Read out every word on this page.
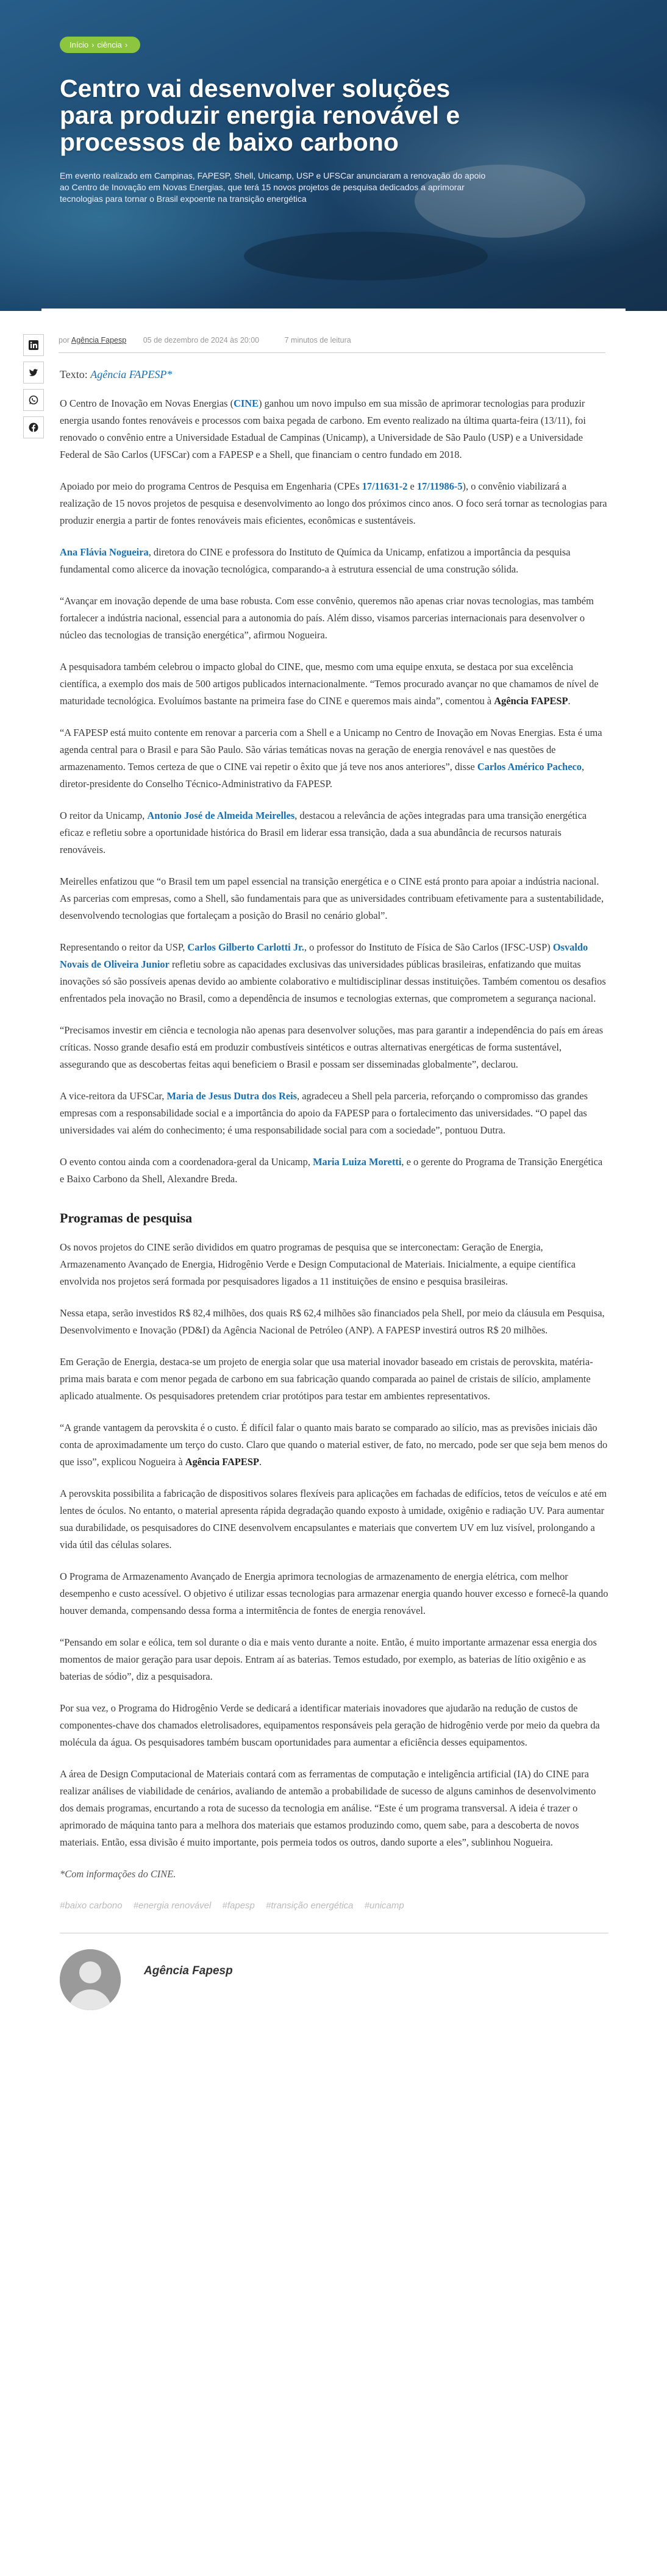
Início › ciência ›
Centro vai desenvolver soluções para produzir energia renovável e processos de baixo carbono
Em evento realizado em Campinas, FAPESP, Shell, Unicamp, USP e UFSCar anunciaram a renovação do apoio ao Centro de Inovação em Novas Energias, que terá 15 novos projetos de pesquisa dedicados a aprimorar tecnologias para tornar o Brasil expoente na transição energética
por Agência Fapesp 05 de dezembro de 2024 às 20:00	7 minutos de leitura

Texto: Agência FAPESP*

O Centro de Inovação em Novas Energias (CINE) ganhou um novo impulso em sua missão de aprimorar tecnologias para produzir energia usando fontes renováveis e processos com baixa pegada de carbono. Em evento realizado na última quarta-feira (13/11), foi renovado o convênio entre a Universidade Estadual de Campinas (Unicamp), a Universidade de São Paulo (USP) e a Universidade Federal de São Carlos (UFSCar) com a FAPESP e a Shell, que financiam o centro fundado em 2018.

Apoiado por meio do programa Centros de Pesquisa em Engenharia (CPEs 17/11631-2 e 17/11986-5), o convênio viabilizará a realização de 15 novos projetos de pesquisa e desenvolvimento ao longo dos próximos cinco anos. O foco será tornar as tecnologias para produzir energia a partir de fontes renováveis mais eficientes, econômicas e sustentáveis.

Ana Flávia Nogueira, diretora do CINE e professora do Instituto de Química da Unicamp, enfatizou a importância da pesquisa fundamental como alicerce da inovação tecnológica, comparando-a à estrutura essencial de uma construção sólida.

“Avançar em inovação depende de uma base robusta. Com esse convênio, queremos não apenas criar novas tecnologias, mas também fortalecer a indústria nacional, essencial para a autonomia do país. Além disso, visamos parcerias internacionais para desenvolver o núcleo das tecnologias de transição energética”, afirmou Nogueira.

A pesquisadora também celebrou o impacto global do CINE, que, mesmo com uma equipe enxuta, se destaca por sua excelência científica, a exemplo dos mais de 500 artigos publicados internacionalmente. “Temos procurado avançar no que chamamos de nível de maturidade tecnológica. Evoluímos bastante na primeira fase do CINE e queremos mais ainda”, comentou à Agência FAPESP.

“A FAPESP está muito contente em renovar a parceria com a Shell e a Unicamp no Centro de Inovação em Novas Energias. Esta é uma agenda central para o Brasil e para São Paulo. São várias temáticas novas na geração de energia renovável e nas questões de armazenamento. Temos certeza de que o CINE vai repetir o êxito que já teve nos anos anteriores”, disse Carlos Américo Pacheco, diretor-presidente do Conselho Técnico-Administrativo da FAPESP.

O reitor da Unicamp, Antonio José de Almeida Meirelles, destacou a relevância de ações integradas para uma transição energética eficaz e refletiu sobre a oportunidade histórica do Brasil em liderar essa transição, dada a sua abundância de recursos naturais renováveis.

Meirelles enfatizou que “o Brasil tem um papel essencial na transição energética e o CINE está pronto para apoiar a indústria nacional. As parcerias com empresas, como a Shell, são fundamentais para que as universidades contribuam efetivamente para a sustentabilidade, desenvolvendo tecnologias que fortaleçam a posição do Brasil no cenário global”.

Representando o reitor da USP, Carlos Gilberto Carlotti Jr., o professor do Instituto de Física de São Carlos (IFSC-USP) Osvaldo Novais de Oliveira Junior refletiu sobre as capacidades exclusivas das universidades públicas brasileiras, enfatizando que muitas inovações só são possíveis apenas devido ao ambiente colaborativo e multidisciplinar dessas instituições. Também comentou os desafios enfrentados pela inovação no Brasil, como a dependência de insumos e tecnologias externas, que comprometem a segurança nacional.

“Precisamos investir em ciência e tecnologia não apenas para desenvolver soluções, mas para garantir a independência do país em áreas críticas. Nosso grande desafio está em produzir combustíveis sintéticos e outras alternativas energéticas de forma sustentável, assegurando que as descobertas feitas aqui beneficiem o Brasil e possam ser disseminadas globalmente”, declarou.

A vice-reitora da UFSCar, Maria de Jesus Dutra dos Reis, agradeceu a Shell pela parceria, reforçando o compromisso das grandes empresas com a responsabilidade social e a importância do apoio da FAPESP para o fortalecimento das universidades. “O papel das universidades vai além do conhecimento; é uma responsabilidade social para com a sociedade”, pontuou Dutra.

O evento contou ainda com a coordenadora-geral da Unicamp, Maria Luiza Moretti, e o gerente do Programa de Transição Energética e Baixo Carbono da Shell, Alexandre Breda.

Programas de pesquisa

Os novos projetos do CINE serão divididos em quatro programas de pesquisa que se interconectam: Geração de Energia, Armazenamento Avançado de Energia, Hidrogênio Verde e Design Computacional de Materiais. Inicialmente, a equipe científica envolvida nos projetos será formada por pesquisadores ligados a 11 instituições de ensino e pesquisa brasileiras.

Nessa etapa, serão investidos R$ 82,4 milhões, dos quais R$ 62,4 milhões são financiados pela Shell, por meio da cláusula em Pesquisa, Desenvolvimento e Inovação (PD&I) da Agência Nacional de Petróleo (ANP). A FAPESP investirá outros R$ 20 milhões.

Em Geração de Energia, destaca-se um projeto de energia solar que usa material inovador baseado em cristais de perovskita, matéria-prima mais barata e com menor pegada de carbono em sua fabricação quando comparada ao painel de cristais de silício, amplamente aplicado atualmente. Os pesquisadores pretendem criar protótipos para testar em ambientes representativos.

“A grande vantagem da perovskita é o custo. É difícil falar o quanto mais barato se comparado ao silício, mas as previsões iniciais dão conta de aproximadamente um terço do custo. Claro que quando o material estiver, de fato, no mercado, pode ser que seja bem menos do que isso”, explicou Nogueira à Agência FAPESP.

A perovskita possibilita a fabricação de dispositivos solares flexíveis para aplicações em fachadas de edifícios, tetos de veículos e até em lentes de óculos. No entanto, o material apresenta rápida degradação quando exposto à umidade, oxigênio e radiação UV. Para aumentar sua durabilidade, os pesquisadores do CINE desenvolvem encapsulantes e materiais que convertem UV em luz visível, prolongando a vida útil das células solares.

O Programa de Armazenamento Avançado de Energia aprimora tecnologias de armazenamento de energia elétrica, com melhor desempenho e custo acessível. O objetivo é utilizar essas tecnologias para armazenar energia quando houver excesso e fornecê-la quando houver demanda, compensando dessa forma a intermitência de fontes de energia renovável.

“Pensando em solar e eólica, tem sol durante o dia e mais vento durante a noite. Então, é muito importante armazenar essa energia dos momentos de maior geração para usar depois. Entram aí as baterias. Temos estudado, por exemplo, as baterias de lítio oxigênio e as baterias de sódio”, diz a pesquisadora.

Por sua vez, o Programa do Hidrogênio Verde se dedicará a identificar materiais inovadores que ajudarão na redução de custos de componentes-chave dos chamados eletrolisadores, equipamentos responsáveis pela geração de hidrogênio verde por meio da quebra da molécula da água. Os pesquisadores também buscam oportunidades para aumentar a eficiência desses equipamentos.

A área de Design Computacional de Materiais contará com as ferramentas de computação e inteligência artificial (IA) do CINE para realizar análises de viabilidade de cenários, avaliando de antemão a probabilidade de sucesso de alguns caminhos de desenvolvimento dos demais programas, encurtando a rota de sucesso da tecnologia em análise. “Este é um programa transversal. A ideia é trazer o aprimorado de máquina tanto para a melhora dos materiais que estamos produzindo como, quem sabe, para a descoberta de novos materiais. Então, essa divisão é muito importante, pois permeia todos os outros, dando suporte a eles”, sublinhou Nogueira.

*Com informações do CINE.

#baixo carbono #energia renovável #fapesp #transição energética #unicamp
Agência Fapesp
